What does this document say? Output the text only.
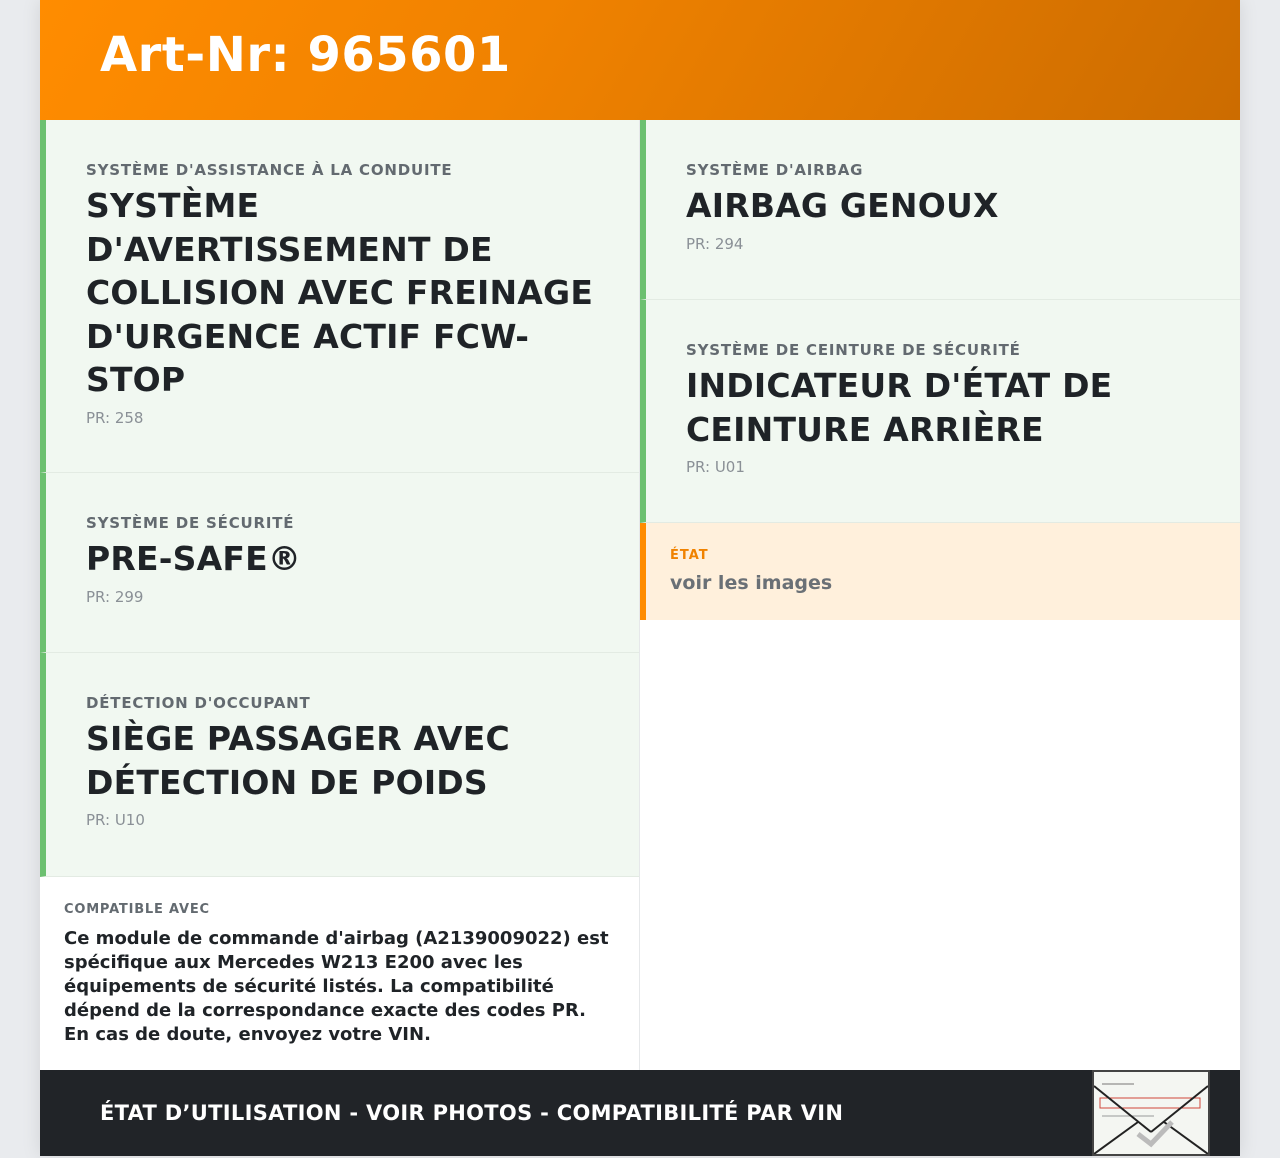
Art-Nr: 965601
SYSTÈME D'ASSISTANCE À LA CONDUITE
SYSTÈME D'AVERTISSEMENT DE COLLISION AVEC FREINAGE D'URGENCE ACTIF FCW-STOP
PR: 258
SYSTÈME DE SÉCURITÉ
PRE-SAFE®
PR: 299
DÉTECTION D'OCCUPANT
SIÈGE PASSAGER AVEC DÉTECTION DE POIDS
PR: U10
COMPATIBLE AVEC
Ce module de commande d'airbag (A2139009022) est spécifique aux Mercedes W213 E200 avec les équipements de sécurité listés. La compatibilité dépend de la correspondance exacte des codes PR. En cas de doute, envoyez votre VIN.
SYSTÈME D'AIRBAG
AIRBAG GENOUX
PR: 294
SYSTÈME DE CEINTURE DE SÉCURITÉ
INDICATEUR D'ÉTAT DE CEINTURE ARRIÈRE
PR: U01
ÉTAT
voir les images
ÉTAT D’UTILISATION - VOIR PHOTOS - COMPATIBILITÉ PAR VIN
